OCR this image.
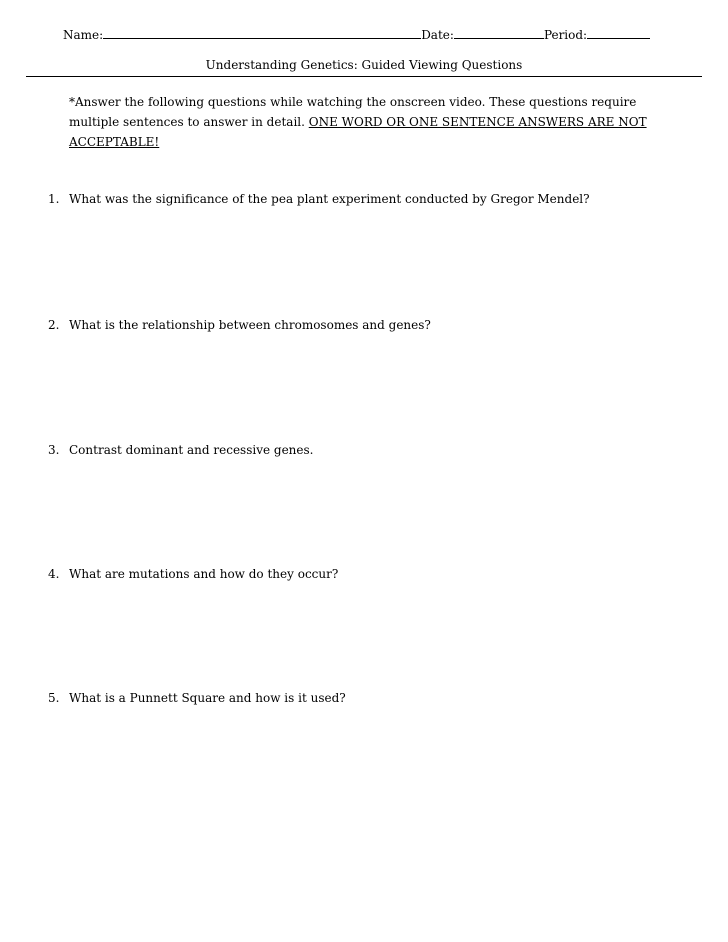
Name:	Date:	Period:
Understanding Genetics: Guided Viewing Questions
*Answer the following questions while watching the onscreen video. These questions require multiple sentences to answer in detail. ONE WORD OR ONE SENTENCE ANSWERS ARE NOT ACCEPTABLE!
1. What was the significance of the pea plant experiment conducted by Gregor Mendel?
2. What is the relationship between chromosomes and genes?
3. Contrast dominant and recessive genes.
4. What are mutations and how do they occur?
5. What is a Punnett Square and how is it used?
